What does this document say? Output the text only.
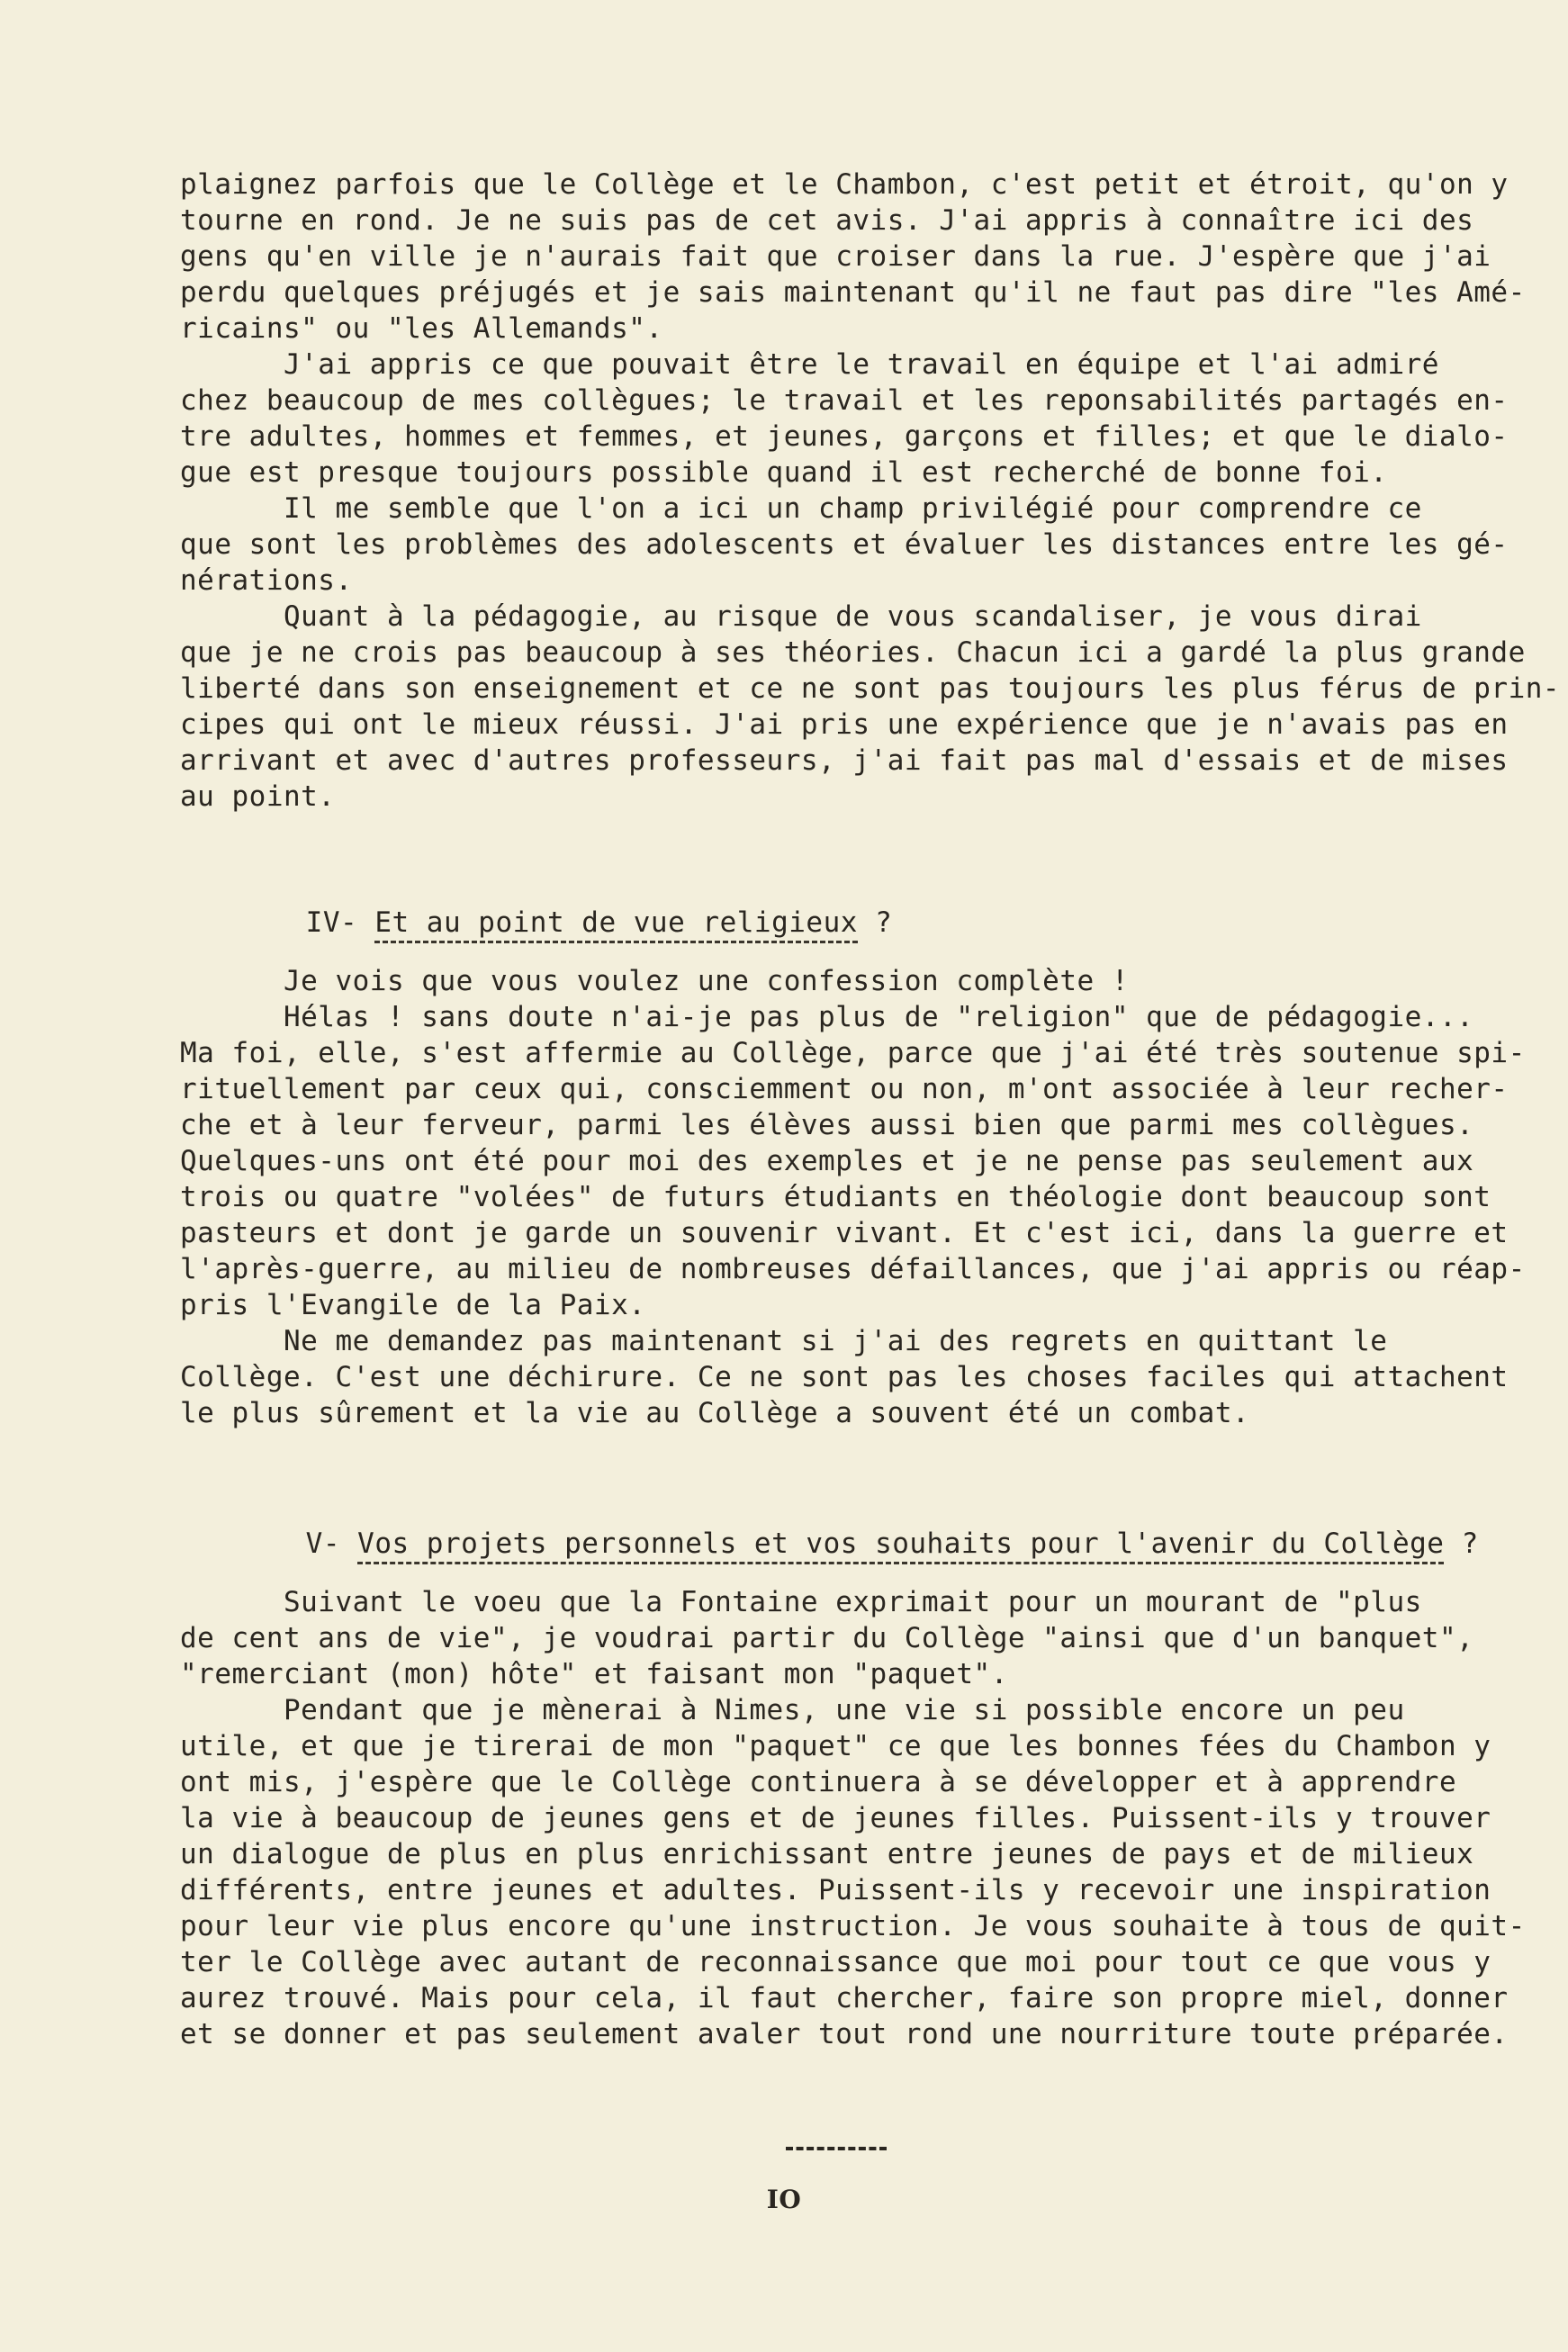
plaignez parfois que le Collège et le Chambon, c'est petit et étroit, qu'on y
tourne en rond. Je ne suis pas de cet avis. J'ai appris à connaître ici des
gens qu'en ville je n'aurais fait que croiser dans la rue. J'espère que j'ai
perdu quelques préjugés et je sais maintenant qu'il ne faut pas dire "les Amé-
ricains" ou "les Allemands".
J'ai appris ce que pouvait être le travail en équipe et l'ai admiré
chez beaucoup de mes collègues; le travail et les reponsabilités partagés en-
tre adultes, hommes et femmes, et jeunes, garçons et filles; et que le dialo-
gue est presque toujours possible quand il est recherché de bonne foi.
Il me semble que l'on a ici un champ privilégié pour comprendre ce
que sont les problèmes des adolescents et évaluer les distances entre les gé-
nérations.
Quant à la pédagogie, au risque de vous scandaliser, je vous dirai
que je ne crois pas beaucoup à ses théories. Chacun ici a gardé la plus grande
liberté dans son enseignement et ce ne sont pas toujours les plus férus de prin-
cipes qui ont le mieux réussi. J'ai pris une expérience que je n'avais pas en
arrivant et avec d'autres professeurs, j'ai fait pas mal d'essais et de mises
au point.

IV- Et au point de vue religieux ?

Je vois que vous voulez une confession complète !
Hélas ! sans doute n'ai-je pas plus de "religion" que de pédagogie...
Ma foi, elle, s'est affermie au Collège, parce que j'ai été très soutenue spi-
rituellement par ceux qui, consciemment ou non, m'ont associée à leur recher-
che et à leur ferveur, parmi les élèves aussi bien que parmi mes collègues.
Quelques-uns ont été pour moi des exemples et je ne pense pas seulement aux
trois ou quatre "volées" de futurs étudiants en théologie dont beaucoup sont
pasteurs et dont je garde un souvenir vivant. Et c'est ici, dans la guerre et
l'après-guerre, au milieu de nombreuses défaillances, que j'ai appris ou réap-
pris l'Evangile de la Paix.
Ne me demandez pas maintenant si j'ai des regrets en quittant le
Collège. C'est une déchirure. Ce ne sont pas les choses faciles qui attachent
le plus sûrement et la vie au Collège a souvent été un combat.

V- Vos projets personnels et vos souhaits pour l'avenir du Collège ?

Suivant le voeu que la Fontaine exprimait pour un mourant de "plus
de cent ans de vie", je voudrai partir du Collège "ainsi que d'un banquet",
"remerciant (mon) hôte" et faisant mon "paquet".
Pendant que je mènerai à Nimes, une vie si possible encore un peu
utile, et que je tirerai de mon "paquet" ce que les bonnes fées du Chambon y
ont mis, j'espère que le Collège continuera à se développer et à apprendre
la vie à beaucoup de jeunes gens et de jeunes filles. Puissent-ils y trouver
un dialogue de plus en plus enrichissant entre jeunes de pays et de milieux
différents, entre jeunes et adultes. Puissent-ils y recevoir une inspiration
pour leur vie plus encore qu'une instruction. Je vous souhaite à tous de quit-
ter le Collège avec autant de reconnaissance que moi pour tout ce que vous y
aurez trouvé. Mais pour cela, il faut chercher, faire son propre miel, donner
et se donner et pas seulement avaler tout rond une nourriture toute préparée.
IO
